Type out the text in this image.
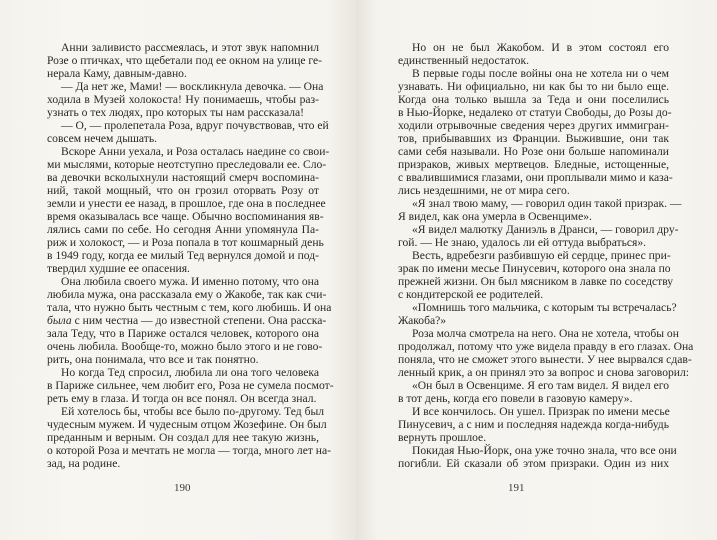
Анни заливисто рассмеялась, и этот звук напомнил
Розе о птичках, что щебетали под ее окном на улице ге-
нерала Каму, давным-давно.
— Да нет же, Мами! — воскликнула девочка. — Она
ходила в Музей холокоста! Ну понимаешь, чтобы раз-
узнать о тех людях, про которых ты нам рассказала!
— О, — пролепетала Роза, вдруг почувствовав, что ей
совсем нечем дышать.
Вскоре Анни уехала, и Роза осталась наедине со свои-
ми мыслями, которые неотступно преследовали ее. Сло-
ва девочки всколыхнули настоящий смерч воспомина-
ний, такой мощный, что он грозил оторвать Розу от
земли и унести ее назад, в прошлое, где она в последнее
время оказывалась все чаще. Обычно воспоминания яв-
лялись сами по себе. Но сегодня Анни упомянула Па-
риж и холокост, — и Роза попала в тот кошмарный день
в 1949 году, когда ее милый Тед вернулся домой и под-
твердил худшие ее опасения.
Она любила своего мужа. И именно потому, что она
любила мужа, она рассказала ему о Жакобе, так как счи-
тала, что нужно быть честным с тем, кого любишь. И она
была с ним честна — до известной степени. Она расска-
зала Теду, что в Париже остался человек, которого она
очень любила. Вообще-то, можно было этого и не гово-
рить, она понимала, что все и так понятно.
Но когда Тед спросил, любила ли она того человека
в Париже сильнее, чем любит его, Роза не сумела посмот-
реть ему в глаза. И тогда он все понял. Он всегда знал.
Ей хотелось бы, чтобы все было по-другому. Тед был
чудесным мужем. И чудесным отцом Жозефине. Он был
преданным и верным. Он создал для нее такую жизнь,
о которой Роза и мечтать не могла — тогда, много лет на-
зад, на родине.
190
Но он не был Жакобом. И в этом состоял его
единственный недостаток.
В первые годы после войны она не хотела ни о чем
узнавать. Ни официально, ни как бы то ни было еще.
Когда она только вышла за Теда и они поселились
в Нью-Йорке, недалеко от статуи Свободы, до Розы до-
ходили отрывочные сведения через других иммигран-
тов, прибывавших из Франции. Выжившие, они так
сами себя называли. Но Розе они больше напоминали
призраков, живых мертвецов. Бледные, истощенные,
с ввалившимися глазами, они проплывали мимо и каза-
лись нездешними, не от мира сего.
«Я знал твою маму, — говорил один такой призрак. —
Я видел, как она умерла в Освенциме».
«Я видел малютку Даниэль в Дранси, — говорил дру-
гой. — Не знаю, удалось ли ей оттуда выбраться».
Весть, вдребезги разбившую ей сердце, принес при-
зрак по имени месье Пинусевич, которого она знала по
прежней жизни. Он был мясником в лавке по соседству
с кондитерской ее родителей.
«Помнишь того мальчика, с которым ты встречалась?
Жакоба?»
Роза молча смотрела на него. Она не хотела, чтобы он
продолжал, потому что уже видела правду в его глазах. Она
поняла, что не сможет этого вынести. У нее вырвался сдав-
ленный крик, а он принял это за вопрос и снова заговорил:
«Он был в Освенциме. Я его там видел. Я видел его
в тот день, когда его повели в газовую камеру».
И все кончилось. Он ушел. Призрак по имени месье
Пинусевич, а с ним и последняя надежда когда-нибудь
вернуть прошлое.
Покидая Нью-Йорк, она уже точно знала, что все они
погибли. Ей сказали об этом призраки. Один из них
191
